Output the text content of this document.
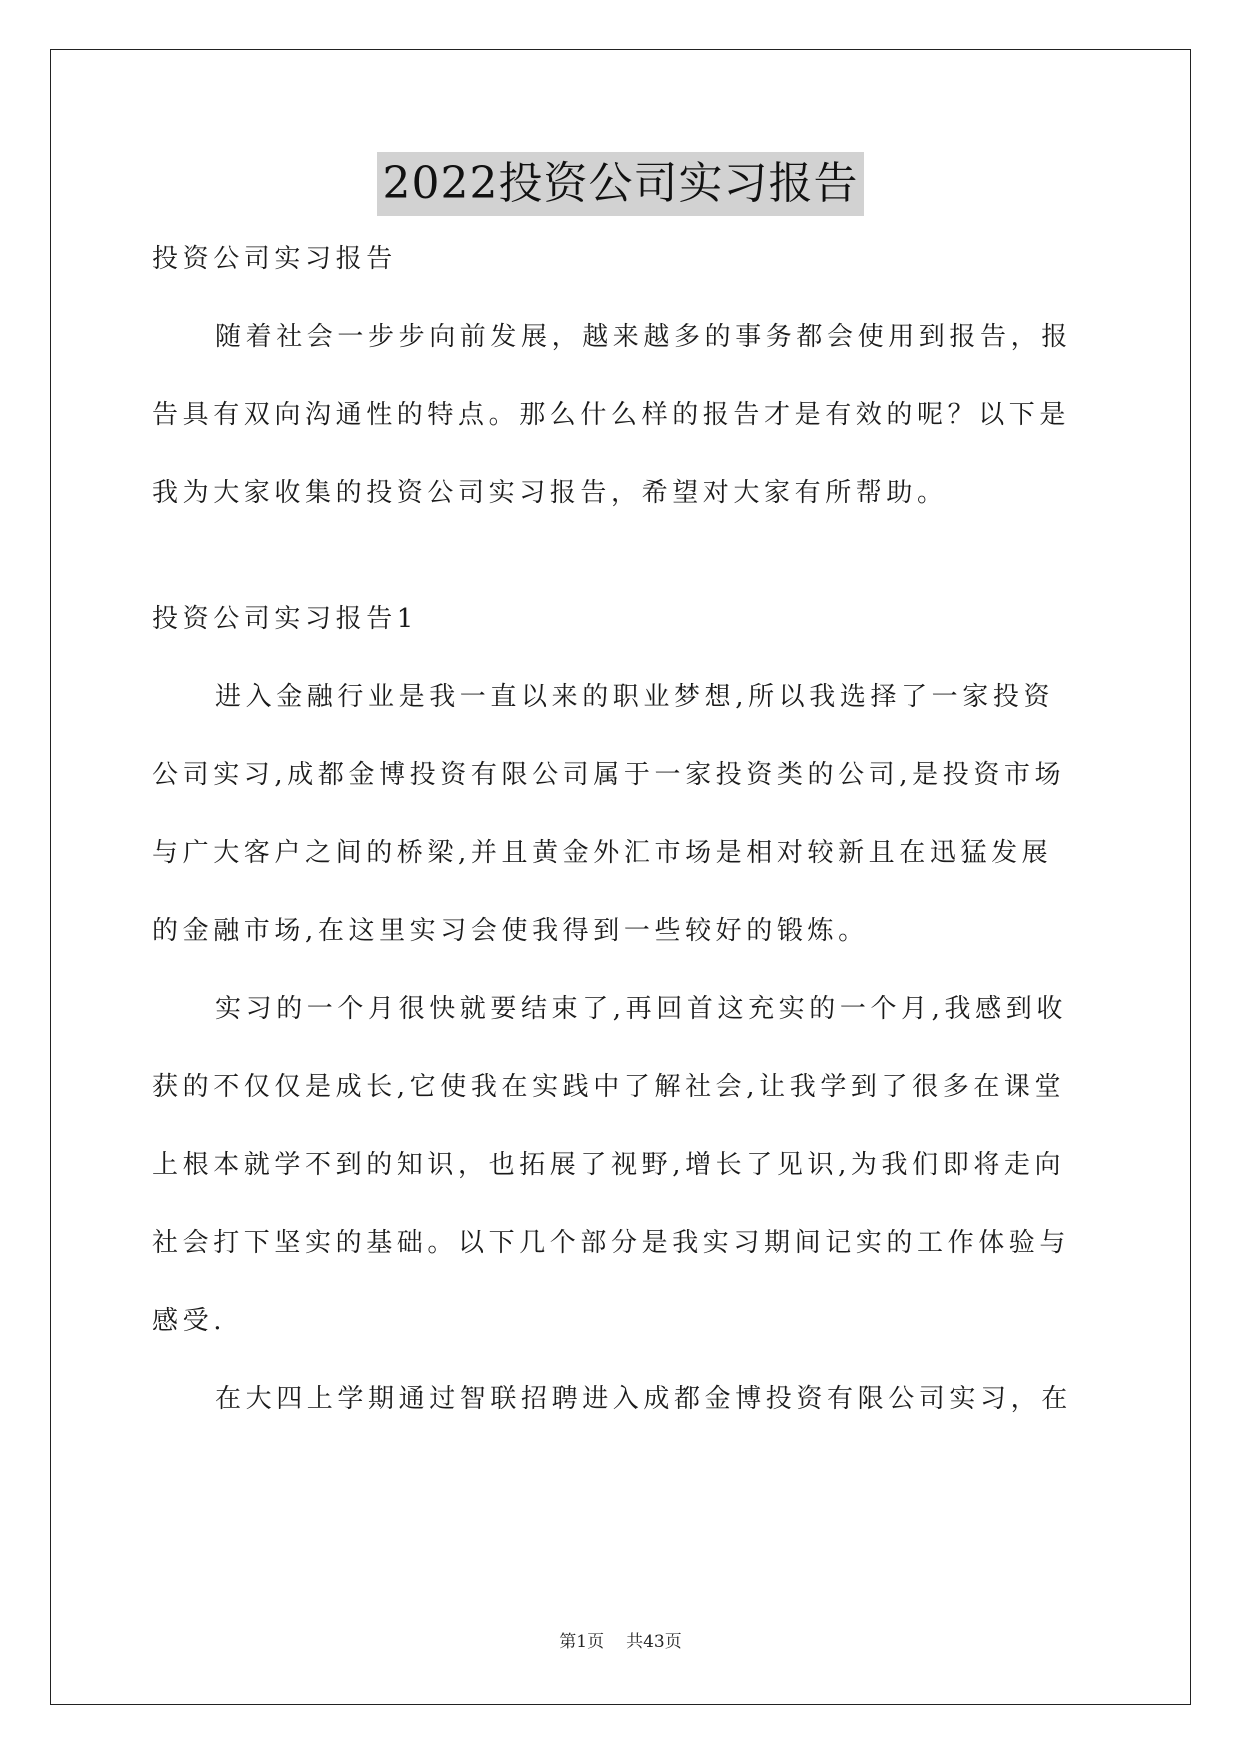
2022投资公司实习报告
投资公司实习报告
随着社会一步步向前发展，越来越多的事务都会使用到报告，报
告具有双向沟通性的特点。那么什么样的报告才是有效的呢？以下是
我为大家收集的投资公司实习报告，希望对大家有所帮助。
投资公司实习报告1
进入金融行业是我一直以来的职业梦想,所以我选择了一家投资
公司实习,成都金博投资有限公司属于一家投资类的公司,是投资市场
与广大客户之间的桥梁,并且黄金外汇市场是相对较新且在迅猛发展
的金融市场,在这里实习会使我得到一些较好的锻炼。
实习的一个月很快就要结束了,再回首这充实的一个月,我感到收
获的不仅仅是成长,它使我在实践中了解社会,让我学到了很多在课堂
上根本就学不到的知识，也拓展了视野,增长了见识,为我们即将走向
社会打下坚实的基础。以下几个部分是我实习期间记实的工作体验与
感受.
在大四上学期通过智联招聘进入成都金博投资有限公司实习，在
第1页 共43页
